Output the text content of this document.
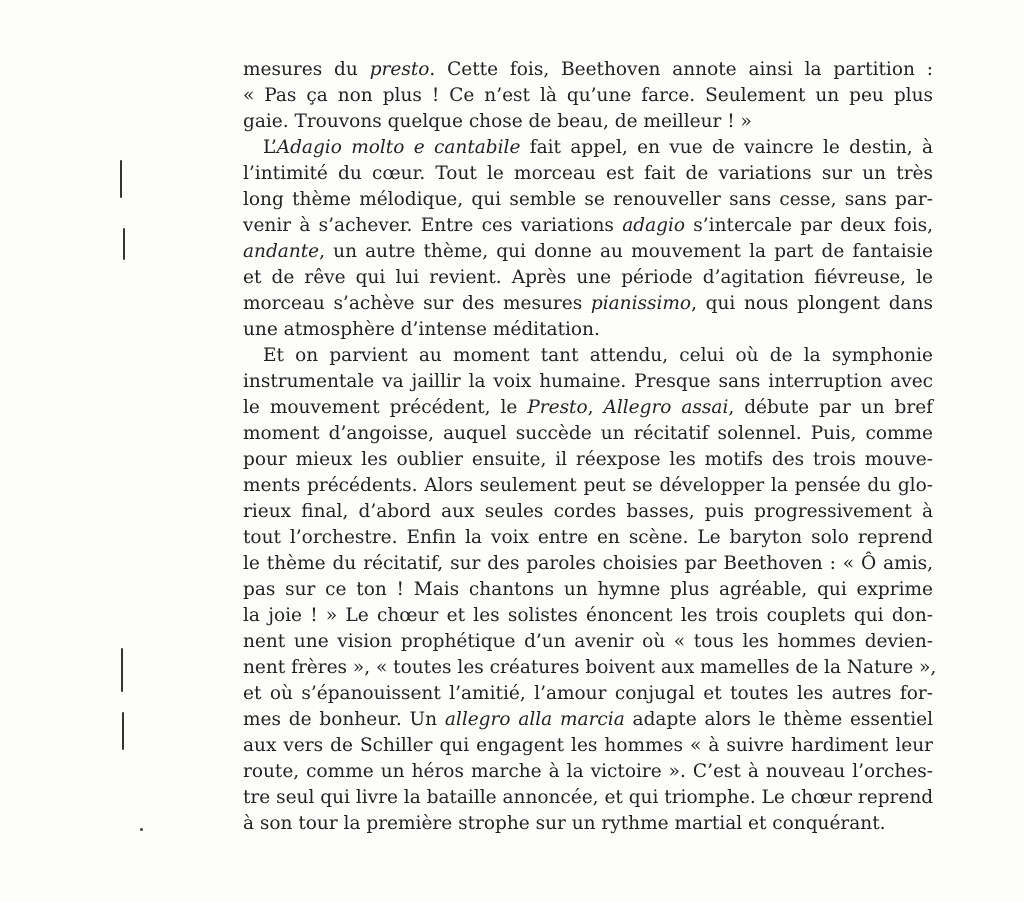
mesures du presto. Cette fois, Beethoven annote ainsi la partition :
« Pas ça non plus ! Ce n’est là qu’une farce. Seulement un peu plus
gaie. Trouvons quelque chose de beau, de meilleur ! »
L’Adagio molto e cantabile fait appel, en vue de vaincre le destin, à
l’intimité du cœur. Tout le morceau est fait de variations sur un très
long thème mélodique, qui semble se renouveller sans cesse, sans par-
venir à s’achever. Entre ces variations adagio s’intercale par deux fois,
andante, un autre thème, qui donne au mouvement la part de fantaisie
et de rêve qui lui revient. Après une période d’agitation fiévreuse, le
morceau s’achève sur des mesures pianissimo, qui nous plongent dans
une atmosphère d’intense méditation.
Et on parvient au moment tant attendu, celui où de la symphonie
instrumentale va jaillir la voix humaine. Presque sans interruption avec
le mouvement précédent, le Presto, Allegro assai, débute par un bref
moment d’angoisse, auquel succède un récitatif solennel. Puis, comme
pour mieux les oublier ensuite, il réexpose les motifs des trois mouve-
ments précédents. Alors seulement peut se développer la pensée du glo-
rieux final, d’abord aux seules cordes basses, puis progressivement à
tout l’orchestre. Enfin la voix entre en scène. Le baryton solo reprend
le thème du récitatif, sur des paroles choisies par Beethoven : « Ô amis,
pas sur ce ton ! Mais chantons un hymne plus agréable, qui exprime
la joie ! » Le chœur et les solistes énoncent les trois couplets qui don-
nent une vision prophétique d’un avenir où « tous les hommes devien-
nent frères », « toutes les créatures boivent aux mamelles de la Nature »,
et où s’épanouissent l’amitié, l’amour conjugal et toutes les autres for-
mes de bonheur. Un allegro alla marcia adapte alors le thème essentiel
aux vers de Schiller qui engagent les hommes « à suivre hardiment leur
route, comme un héros marche à la victoire ». C’est à nouveau l’orches-
tre seul qui livre la bataille annoncée, et qui triomphe. Le chœur reprend
à son tour la première strophe sur un rythme martial et conquérant.
